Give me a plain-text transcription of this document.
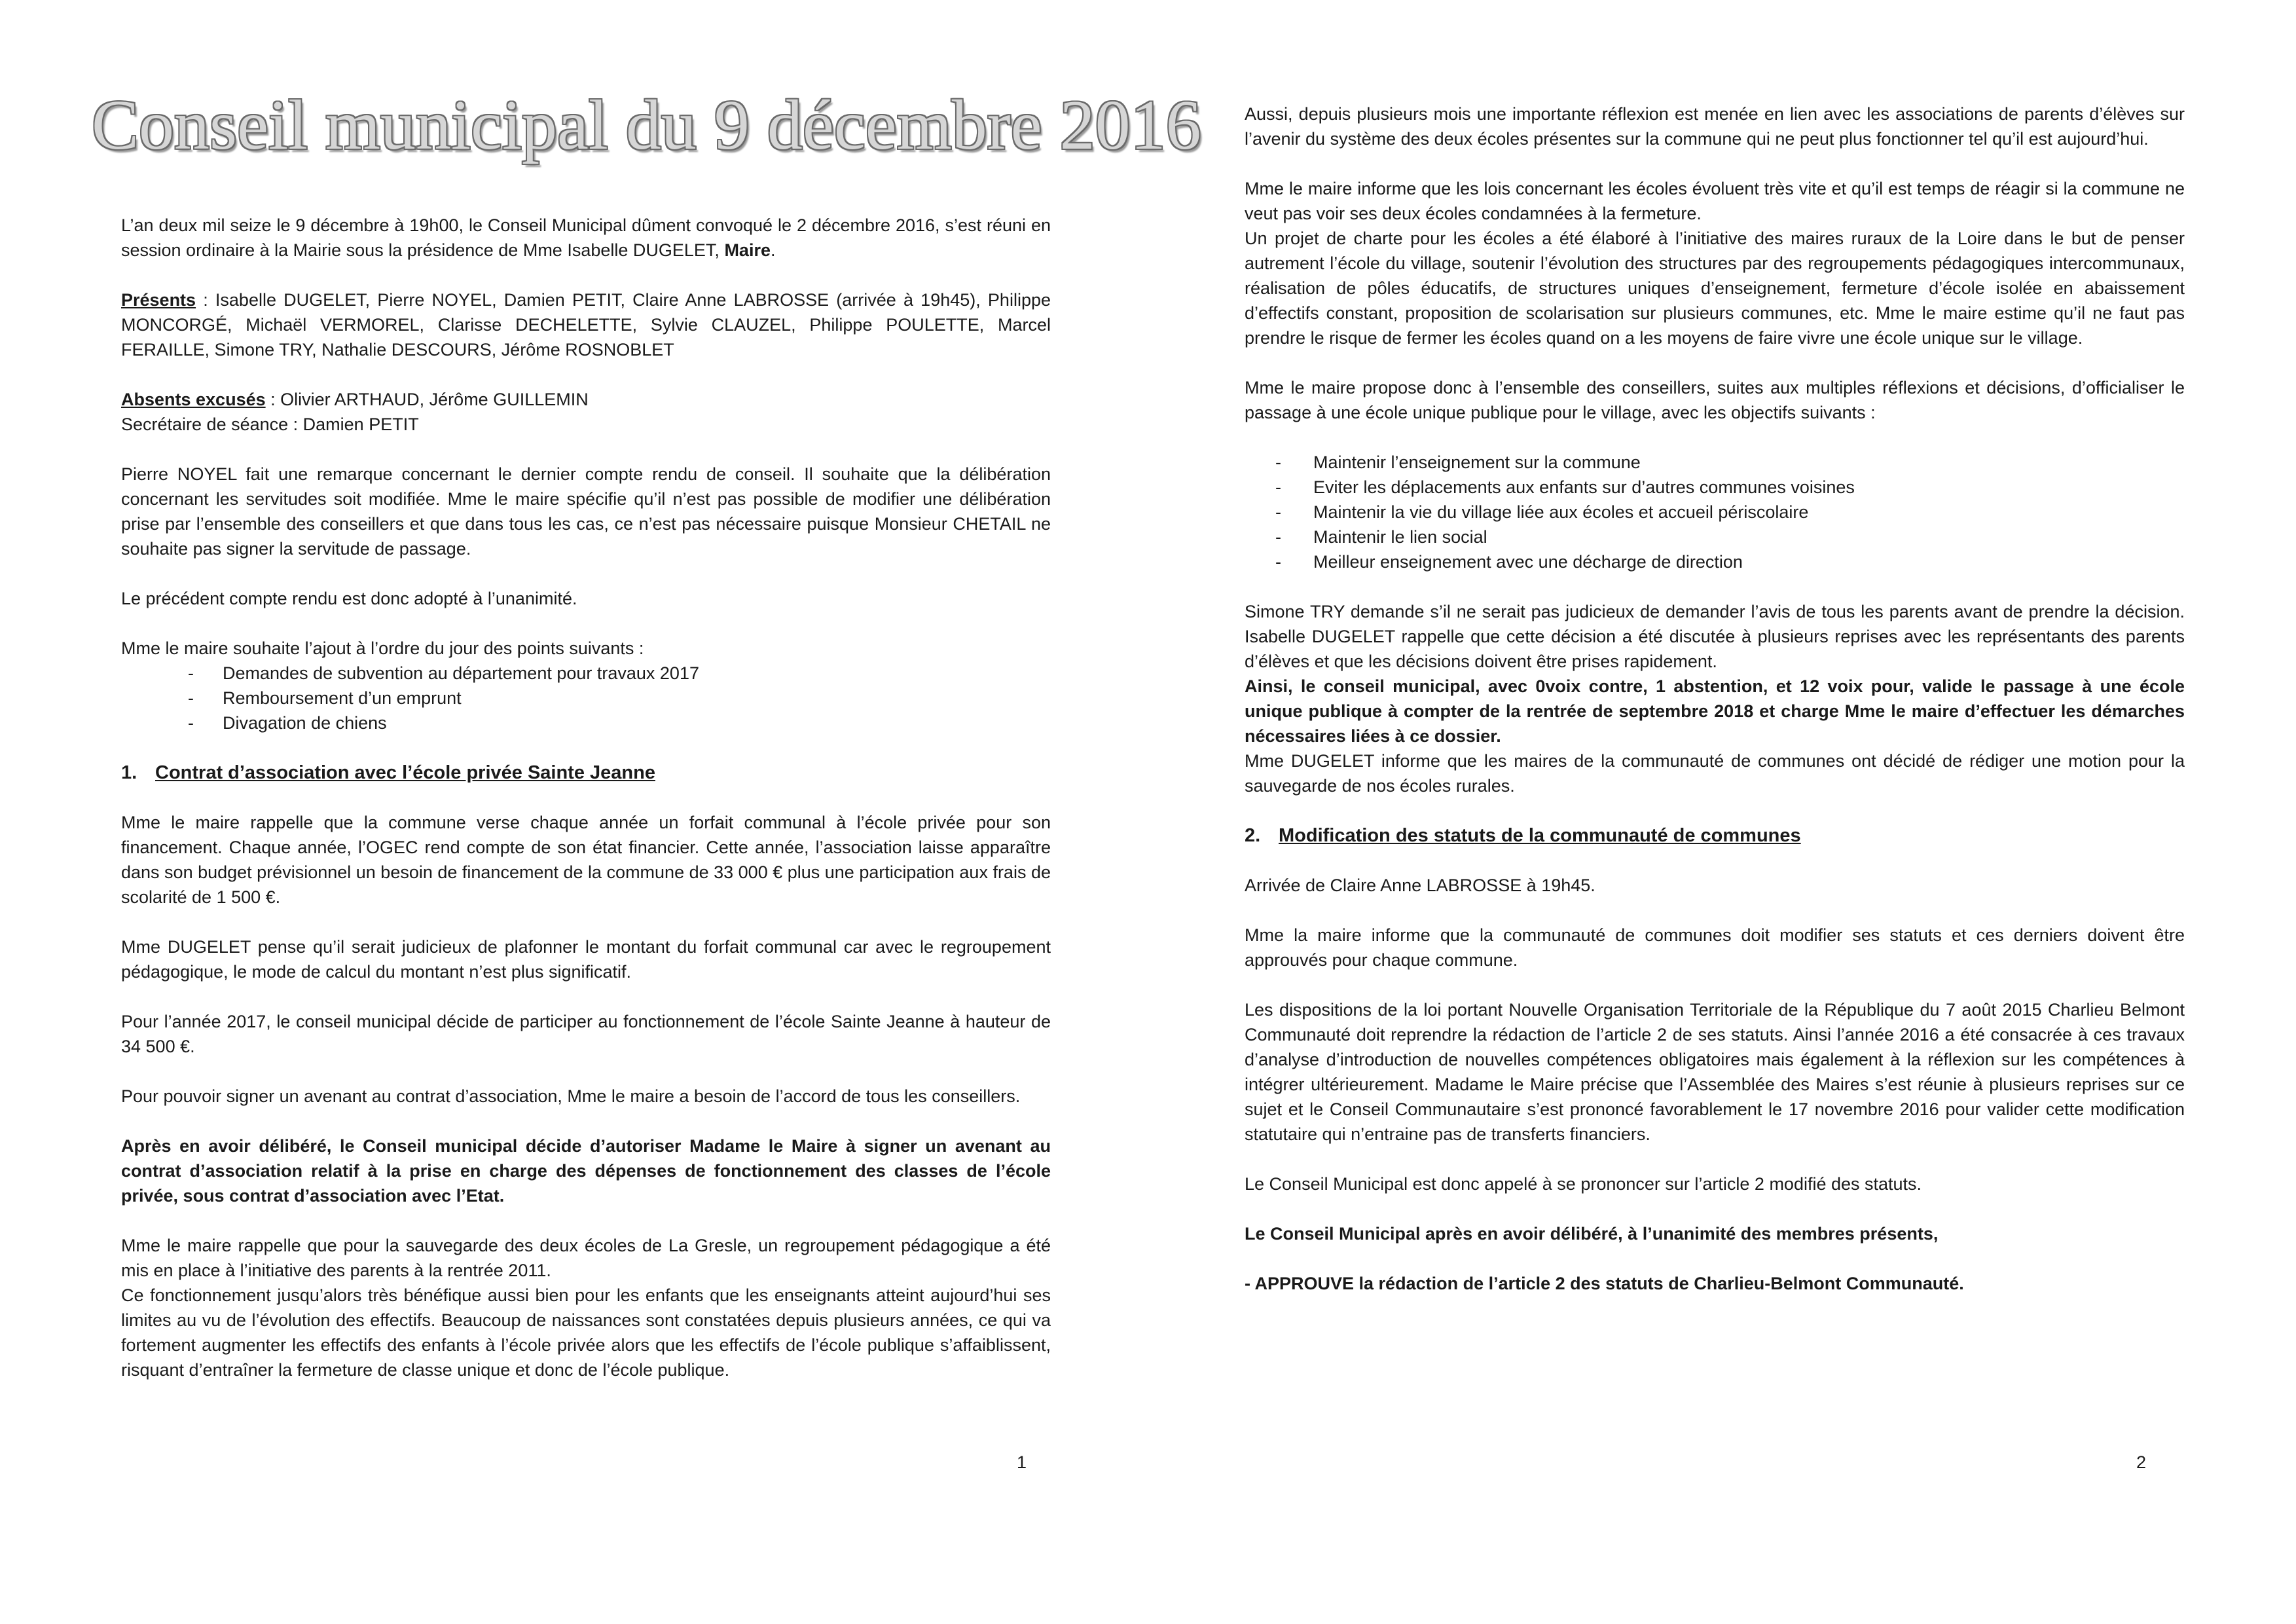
Conseil municipal du 9 décembre 2016

L’an deux mil seize le 9 décembre à 19h00, le Conseil Municipal dûment convoqué le 2 décembre 2016, s’est réuni en session ordinaire à la Mairie sous la présidence de Mme Isabelle DUGELET, Maire.

Présents : Isabelle DUGELET, Pierre NOYEL, Damien PETIT, Claire Anne LABROSSE (arrivée à 19h45), Philippe MONCORGÉ, Michaël VERMOREL, Clarisse DECHELETTE, Sylvie CLAUZEL, Philippe POULETTE, Marcel FERAILLE, Simone TRY, Nathalie DESCOURS, Jérôme ROSNOBLET

Absents excusés : Olivier ARTHAUD, Jérôme GUILLEMIN

Secrétaire de séance : Damien PETIT

Pierre NOYEL fait une remarque concernant le dernier compte rendu de conseil. Il souhaite que la délibération concernant les servitudes soit modifiée. Mme le maire spécifie qu’il n’est pas possible de modifier une délibération prise par l’ensemble des conseillers et que dans tous les cas, ce n’est pas nécessaire puisque Monsieur CHETAIL ne souhaite pas signer la servitude de passage.

Le précédent compte rendu est donc adopté à l’unanimité.

Mme le maire souhaite l’ajout à l’ordre du jour des points suivants :

- Demandes de subvention au département pour travaux 2017
- Remboursement d’un emprunt
- Divagation de chiens
1. Contrat d’association avec l’école privée Sainte Jeanne

Mme le maire rappelle que la commune verse chaque année un forfait communal à l’école privée pour son financement. Chaque année, l’OGEC rend compte de son état financier. Cette année, l’association laisse apparaître dans son budget prévisionnel un besoin de financement de la commune de 33 000 € plus une participation aux frais de scolarité de 1 500 €.

Mme DUGELET pense qu’il serait judicieux de plafonner le montant du forfait communal car avec le regroupement pédagogique, le mode de calcul du montant n’est plus significatif.

Pour l’année 2017, le conseil municipal décide de participer au fonctionnement de l’école Sainte Jeanne à hauteur de 34 500 €.

Pour pouvoir signer un avenant au contrat d’association, Mme le maire a besoin de l’accord de tous les conseillers.

Après en avoir délibéré, le Conseil municipal décide d’autoriser Madame le Maire à signer un avenant au contrat d’association relatif à la prise en charge des dépenses de fonctionnement des classes de l’école privée, sous contrat d’association avec l’Etat.

Mme le maire rappelle que pour la sauvegarde des deux écoles de La Gresle, un regroupement pédagogique a été mis en place à l’initiative des parents à la rentrée 2011.

Ce fonctionnement jusqu’alors très bénéfique aussi bien pour les enfants que les enseignants atteint aujourd’hui ses limites au vu de l’évolution des effectifs. Beaucoup de naissances sont constatées depuis plusieurs années, ce qui va fortement augmenter les effectifs des enfants à l’école privée alors que les effectifs de l’école publique s’affaiblissent, risquant d’entraîner la fermeture de classe unique et donc de l’école publique.

1

Aussi, depuis plusieurs mois une importante réflexion est menée en lien avec les associations de parents d’élèves sur l’avenir du système des deux écoles présentes sur la commune qui ne peut plus fonctionner tel qu’il est aujourd’hui.

Mme le maire informe que les lois concernant les écoles évoluent très vite et qu’il est temps de réagir si la commune ne veut pas voir ses deux écoles condamnées à la fermeture.

Un projet de charte pour les écoles a été élaboré à l’initiative des maires ruraux de la Loire dans le but de penser autrement l’école du village, soutenir l’évolution des structures par des regroupements pédagogiques intercommunaux, réalisation de pôles éducatifs, de structures uniques d’enseignement, fermeture d’école isolée en abaissement d’effectifs constant, proposition de scolarisation sur plusieurs communes, etc. Mme le maire estime qu’il ne faut pas prendre le risque de fermer les écoles quand on a les moyens de faire vivre une école unique sur le village.

Mme le maire propose donc à l’ensemble des conseillers, suites aux multiples réflexions et décisions, d’officialiser le passage à une école unique publique pour le village, avec les objectifs suivants :

- Maintenir l’enseignement sur la commune
- Eviter les déplacements aux enfants sur d’autres communes voisines
- Maintenir la vie du village liée aux écoles et accueil périscolaire
- Maintenir le lien social
- Meilleur enseignement avec une décharge de direction

Simone TRY demande s’il ne serait pas judicieux de demander l’avis de tous les parents avant de prendre la décision. Isabelle DUGELET rappelle que cette décision a été discutée à plusieurs reprises avec les représentants des parents d’élèves et que les décisions doivent être prises rapidement.

Ainsi, le conseil municipal, avec 0voix contre, 1 abstention, et 12 voix pour, valide le passage à une école unique publique à compter de la rentrée de septembre 2018 et charge Mme le maire d’effectuer les démarches nécessaires liées à ce dossier.

Mme DUGELET informe que les maires de la communauté de communes ont décidé de rédiger une motion pour la sauvegarde de nos écoles rurales.

2. Modification des statuts de la communauté de communes

Arrivée de Claire Anne LABROSSE à 19h45.

Mme la maire informe que la communauté de communes doit modifier ses statuts et ces derniers doivent être approuvés pour chaque commune.

Les dispositions de la loi portant Nouvelle Organisation Territoriale de la République du 7 août 2015 Charlieu Belmont Communauté doit reprendre la rédaction de l’article 2 de ses statuts. Ainsi l’année 2016 a été consacrée à ces travaux d’analyse d’introduction de nouvelles compétences obligatoires mais également à la réflexion sur les compétences à intégrer ultérieurement. Madame le Maire précise que l’Assemblée des Maires s’est réunie à plusieurs reprises sur ce sujet et le Conseil Communautaire s’est prononcé favorablement le 17 novembre 2016 pour valider cette modification statutaire qui n’entraine pas de transferts financiers.

Le Conseil Municipal est donc appelé à se prononcer sur l’article 2 modifié des statuts.

Le Conseil Municipal après en avoir délibéré, à l’unanimité des membres présents,

- APPROUVE la rédaction de l’article 2 des statuts de Charlieu-Belmont Communauté.

2
